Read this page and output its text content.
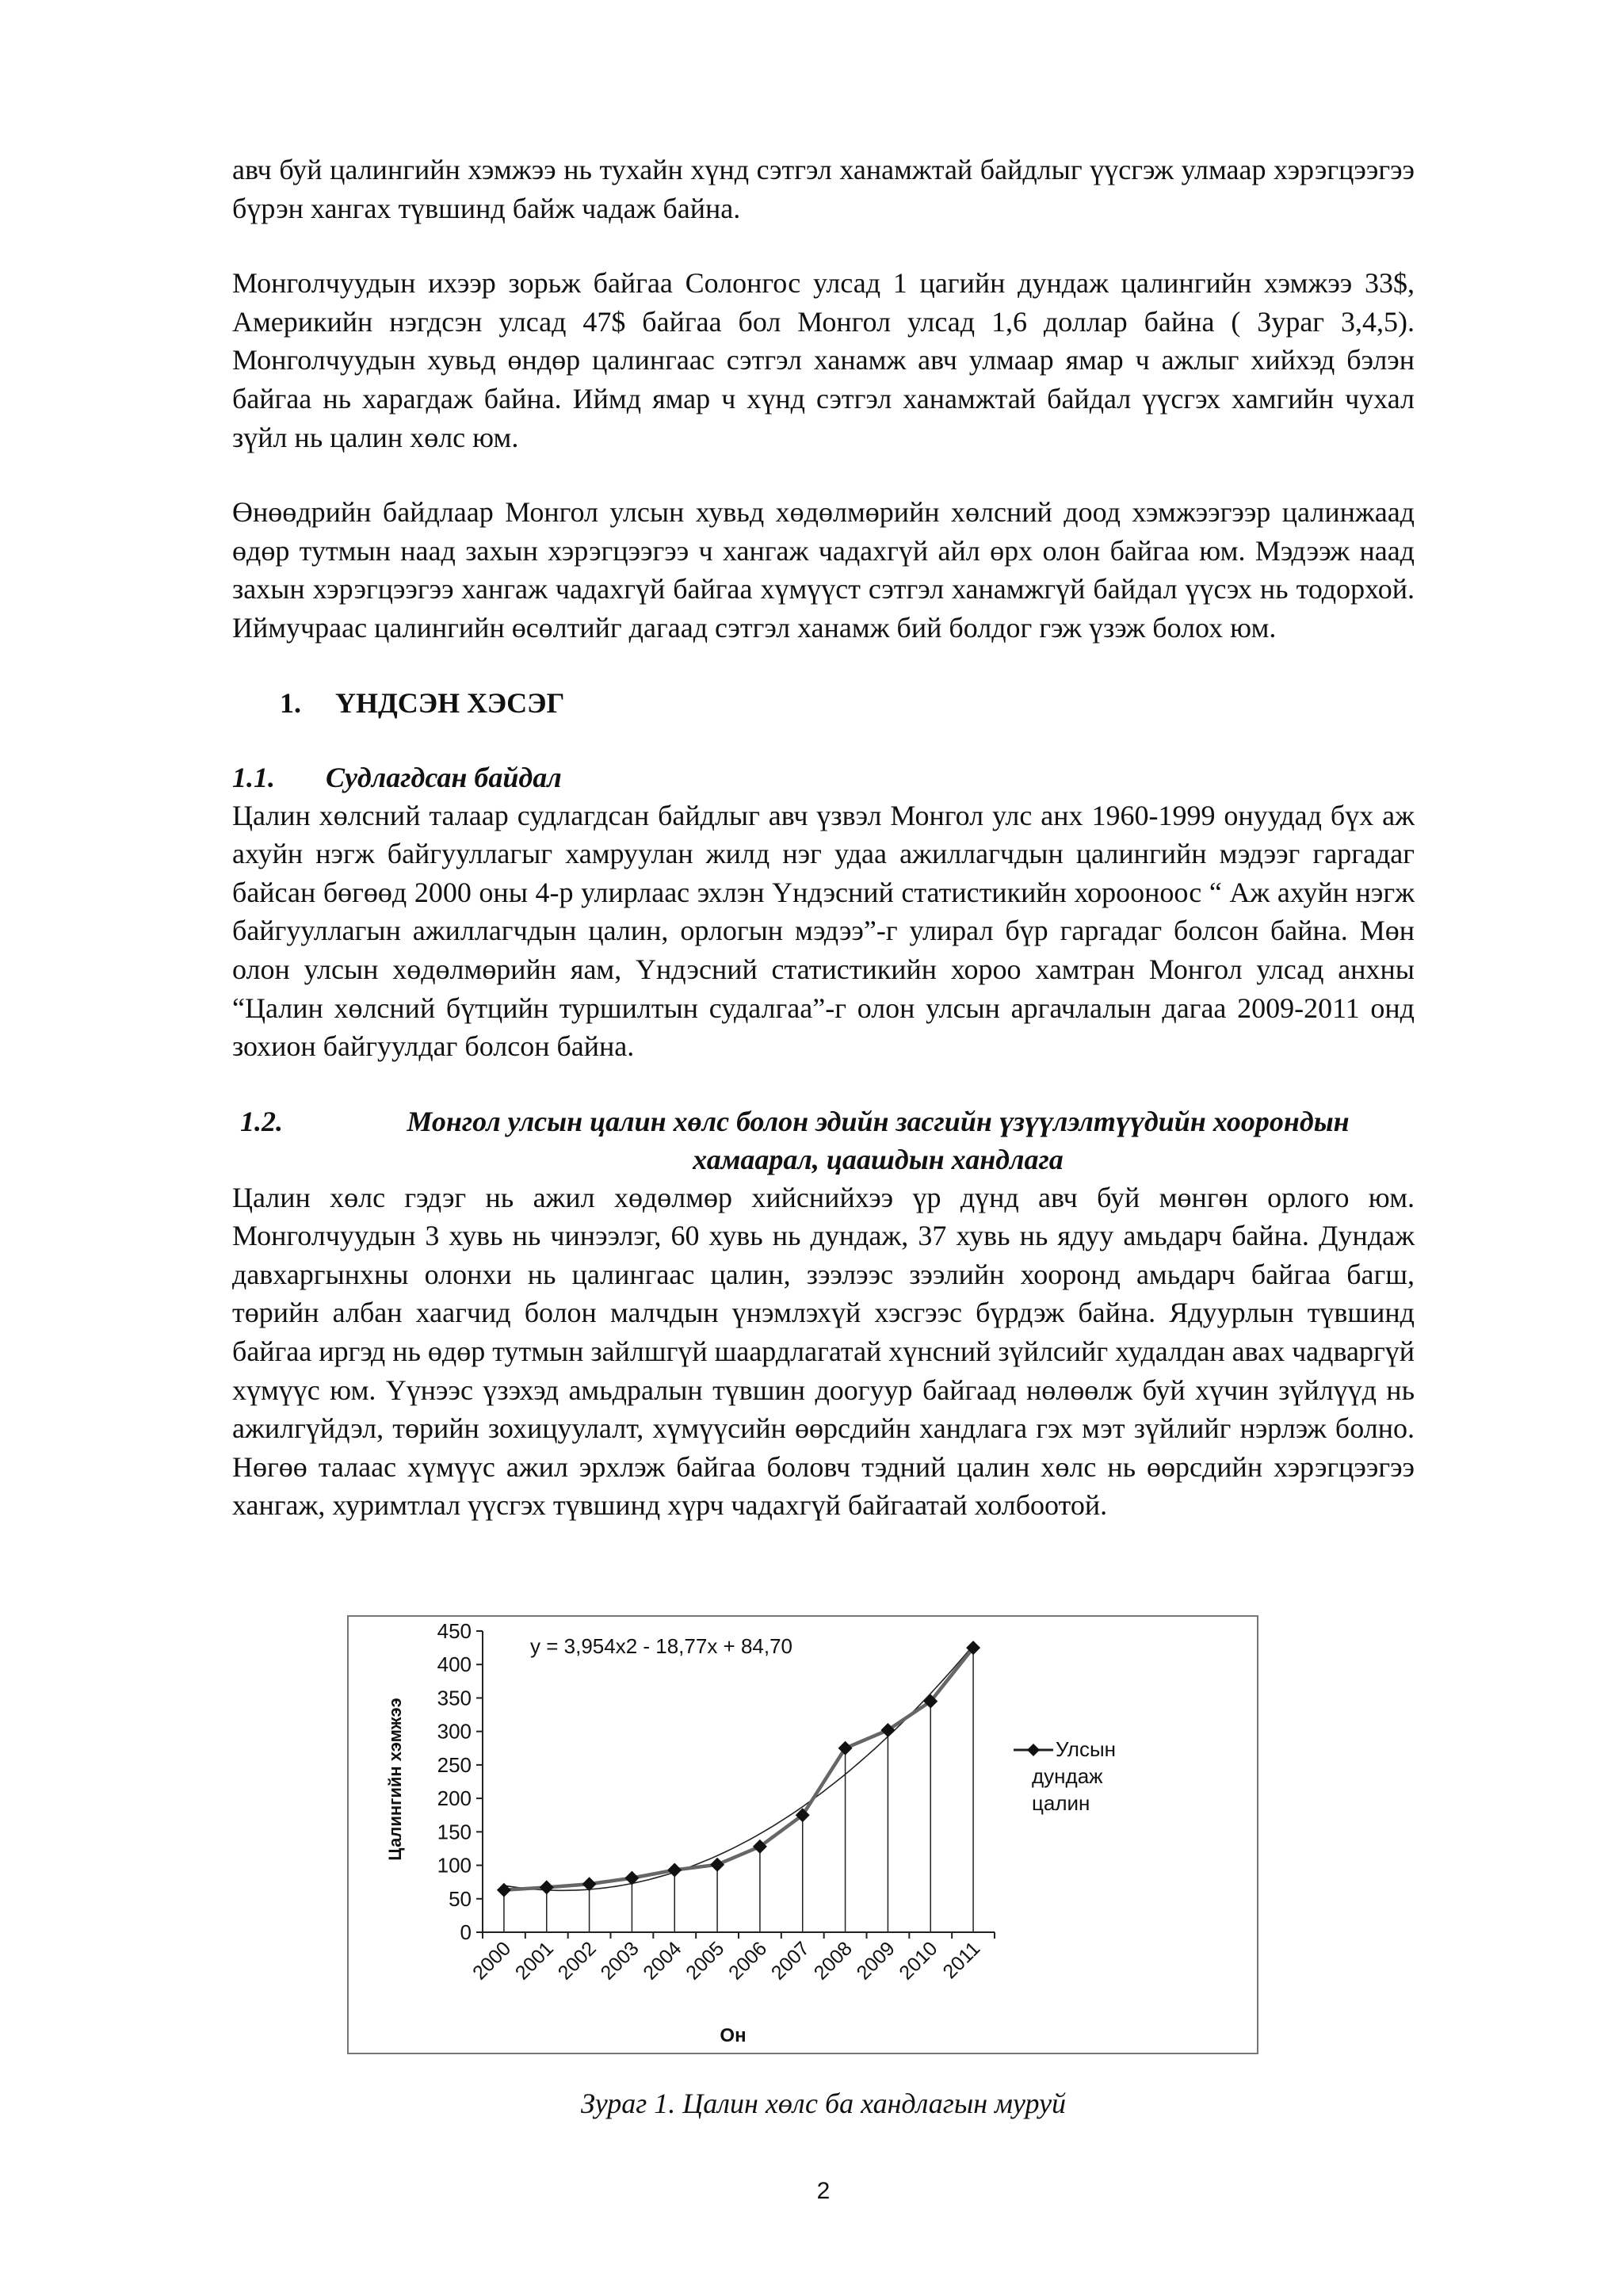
авч буй цалингийн хэмжээ нь тухайн хүнд сэтгэл ханамжтай байдлыг үүсгэж улмаар хэрэгцээгээ бүрэн хангах түвшинд байж чадаж байна.

Монголчуудын ихээр зорьж байгаа Солонгос улсад 1 цагийн дундаж цалингийн хэмжээ 33$, Америкийн нэгдсэн улсад 47$ байгаа бол Монгол улсад 1,6 доллар байна ( Зураг 3,4,5). Монголчуудын хувьд өндөр цалингаас сэтгэл ханамж авч улмаар ямар ч ажлыг хийхэд бэлэн байгаа нь харагдаж байна. Иймд ямар ч хүнд сэтгэл ханамжтай байдал үүсгэх хамгийн чухал зүйл нь цалин хөлс юм.

Өнөөдрийн байдлаар Монгол улсын хувьд хөдөлмөрийн хөлсний доод хэмжээгээр цалинжаад өдөр тутмын наад захын хэрэгцээгээ ч хангаж чадахгүй айл өрх олон байгаа юм. Мэдээж наад захын хэрэгцээгээ хангаж чадахгүй байгаа хүмүүст сэтгэл ханамжгүй байдал үүсэх нь тодорхой. Иймучраас цалингийн өсөлтийг дагаад сэтгэл ханамж бий болдог гэж үзэж болох юм.

1. ҮНДСЭН ХЭСЭГ
1.1. Судлагдсан байдал

Цалин хөлсний талаар судлагдсан байдлыг авч үзвэл Монгол улс анх 1960-1999 онуудад бүх аж ахуйн нэгж байгууллагыг хамруулан жилд нэг удаа ажиллагчдын цалингийн мэдээг гаргадаг байсан бөгөөд 2000 оны 4-р улирлаас эхлэн Үндэсний статистикийн хорооноос “ Аж ахуйн нэгж байгууллагын ажиллагчдын цалин, орлогын мэдээ”-г улирал бүр гаргадаг болсон байна. Мөн олон улсын хөдөлмөрийн яам, Үндэсний статистикийн хороо хамтран Монгол улсад анхны “Цалин хөлсний бүтцийн туршилтын судалгаа”-г олон улсын аргачлалын дагаа 2009-2011 онд зохион байгуулдаг болсон байна.

1.2.	Монгол улсын цалин хөлс болон эдийн засгийн үзүүлэлтүүдийн хоорондын
хамаарал, цаашдын хандлага

Цалин хөлс гэдэг нь ажил хөдөлмөр хийснийхээ үр дүнд авч буй мөнгөн орлого юм. Монголчуудын 3 хувь нь чинээлэг, 60 хувь нь дундаж, 37 хувь нь ядуу амьдарч байна. Дундаж давхаргынхны олонхи нь цалингаас цалин, зээлээс зээлийн хооронд амьдарч байгаа багш, төрийн албан хаагчид болон малчдын үнэмлэхүй хэсгээс бүрдэж байна. Ядуурлын түвшинд байгаа иргэд нь өдөр тутмын зайлшгүй шаардлагатай хүнсний зүйлсийг худалдан авах чадваргүй хүмүүс юм. Үүнээс үзэхэд амьдралын түвшин доогуур байгаад нөлөөлж буй хүчин зүйлүүд нь ажилгүйдэл, төрийн зохицуулалт, хүмүүсийн өөрсдийн хандлага гэх мэт зүйлийг нэрлэж болно. Нөгөө талаас хүмүүс ажил эрхлэж байгаа боловч тэдний цалин хөлс нь өөрсдийн хэрэгцээгээ хангаж, хуримтлал үүсгэх түвшинд хүрч чадахгүй байгаатай холбоотой.

0
50
100
150
200
250
300
350
400
450
2000
2001
2002
2003
2004
2005
2006
2007
2008
2009
2010
2011
y = 3,954x2 - 18,77x + 84,70
Цалингийн хэмжээ
Он
Улсын дундаж цалин
Зураг 1. Цалин хөлс ба хандлагын муруй
2
